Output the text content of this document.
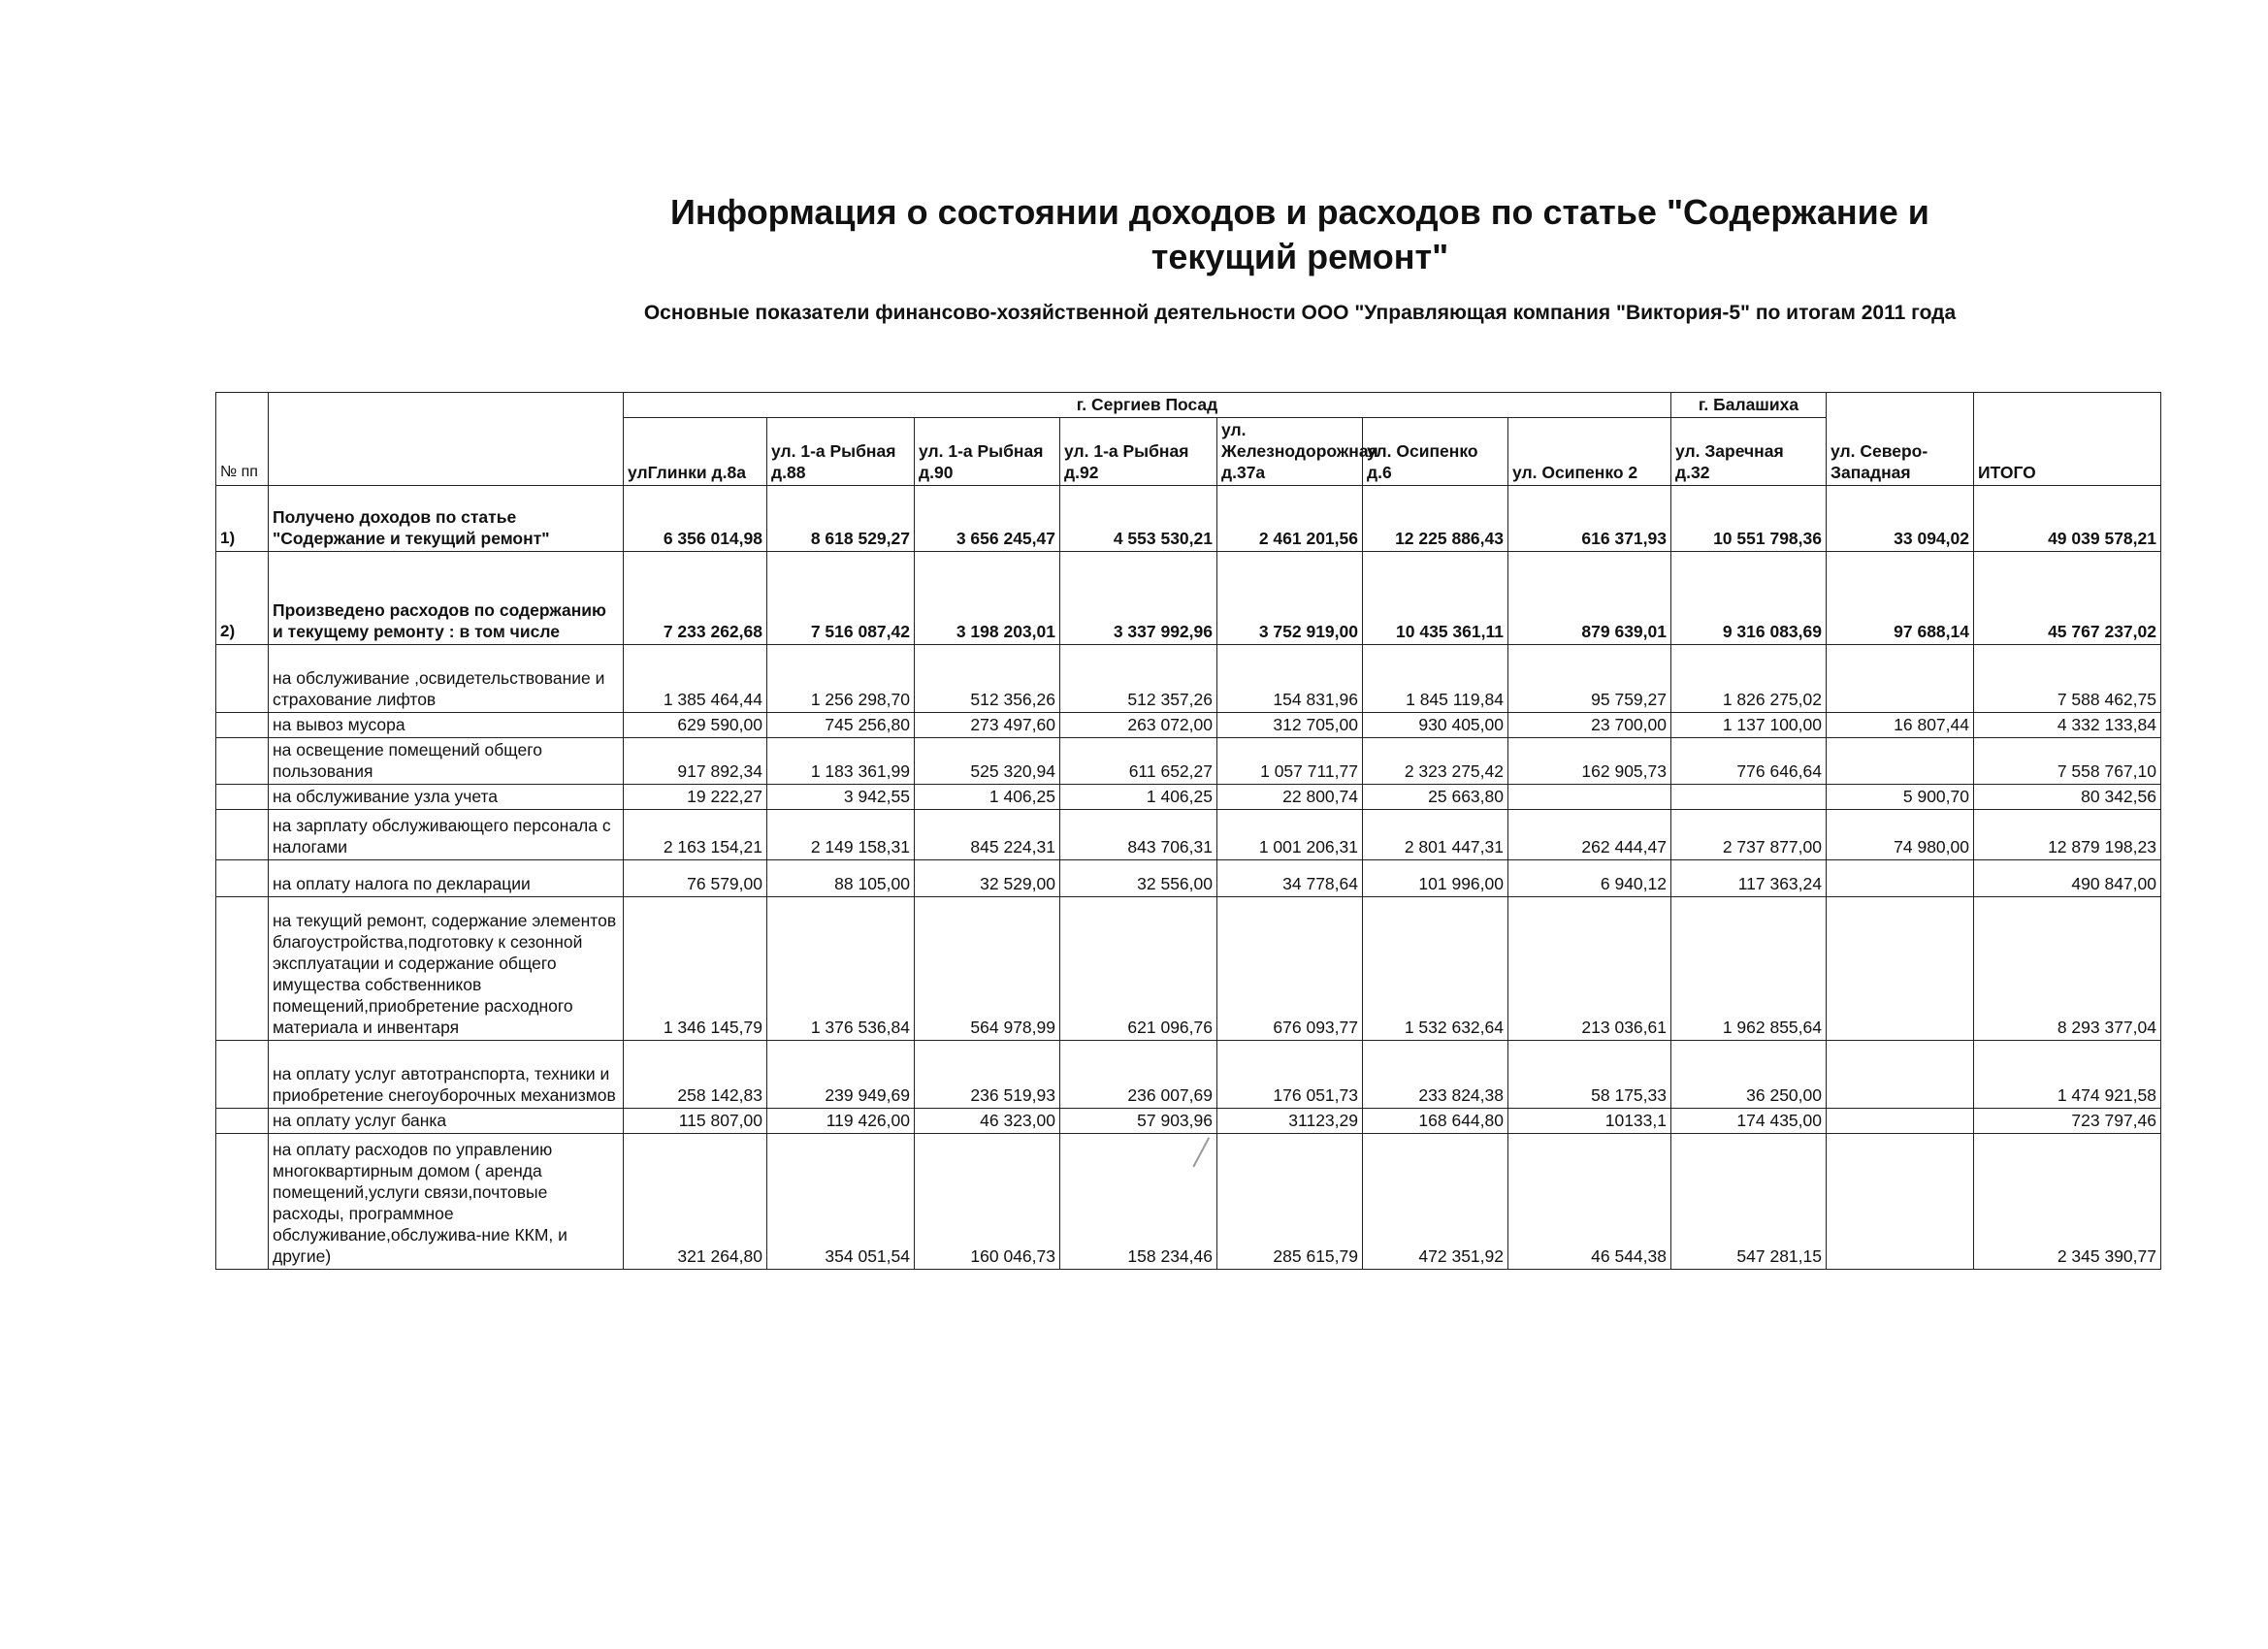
Информация о состоянии доходов и расходов по статье "Содержание и текущий ремонт"
Основные показатели финансово-хозяйственной деятельности ООО "Управляющая компания "Виктория-5" по итогам 2011 года
№ пп		г. Сергиев Посад							г. Балашиха	ул. Северо-Западная	ИТОГО
		улГлинки д.8а	ул. 1-а Рыбная д.88	ул. 1-а Рыбная д.90	ул. 1-а Рыбная д.92	ул. Железнодорожная д.37а	ул. Осипенко д.6	ул. Осипенко 2	ул. Заречная д.32		
1)	Получено доходов по статье "Содержание и текущий ремонт"	6 356 014,98	8 618 529,27	3 656 245,47	4 553 530,21	2 461 201,56	12 225 886,43	616 371,93	10 551 798,36	33 094,02	49 039 578,21
2)	Произведено расходов по содержанию и текущему ремонту : в том числе	7 233 262,68	7 516 087,42	3 198 203,01	3 337 992,96	3 752 919,00	10 435 361,11	879 639,01	9 316 083,69	97 688,14	45 767 237,02
	на обслуживание ,освидетельствование и страхование лифтов	1 385 464,44	1 256 298,70	512 356,26	512 357,26	154 831,96	1 845 119,84	95 759,27	1 826 275,02		7 588 462,75
	на вывоз мусора	629 590,00	745 256,80	273 497,60	263 072,00	312 705,00	930 405,00	23 700,00	1 137 100,00	16 807,44	4 332 133,84
	на освещение помещений общего пользования	917 892,34	1 183 361,99	525 320,94	611 652,27	1 057 711,77	2 323 275,42	162 905,73	776 646,64		7 558 767,10
	на обслуживание узла учета	19 222,27	3 942,55	1 406,25	1 406,25	22 800,74	25 663,80			5 900,70	80 342,56
	на зарплату обслуживающего персонала с налогами	2 163 154,21	2 149 158,31	845 224,31	843 706,31	1 001 206,31	2 801 447,31	262 444,47	2 737 877,00	74 980,00	12 879 198,23
	на оплату налога по декларации	76 579,00	88 105,00	32 529,00	32 556,00	34 778,64	101 996,00	6 940,12	117 363,24		490 847,00
	на текущий ремонт, содержание элементов благоустройства,подготовку к сезонной эксплуатации и содержание общего имущества собственников помещений,приобретение расходного материала и инвентаря	1 346 145,79	1 376 536,84	564 978,99	621 096,76	676 093,77	1 532 632,64	213 036,61	1 962 855,64		8 293 377,04
	на оплату услуг автотранспорта, техники и приобретение снегоуборочных механизмов	258 142,83	239 949,69	236 519,93	236 007,69	176 051,73	233 824,38	58 175,33	36 250,00		1 474 921,58
	на оплату услуг банка	115 807,00	119 426,00	46 323,00	57 903,96	31123,29	168 644,80	10133,1	174 435,00		723 797,46
	на оплату расходов по управлению многоквартирным домом ( аренда помещений,услуги связи,почтовые расходы, программное обслуживание,обслужива-ние ККМ, и другие)	321 264,80	354 051,54	160 046,73	158 234,46	285 615,79	472 351,92	46 544,38	547 281,15		2 345 390,77
